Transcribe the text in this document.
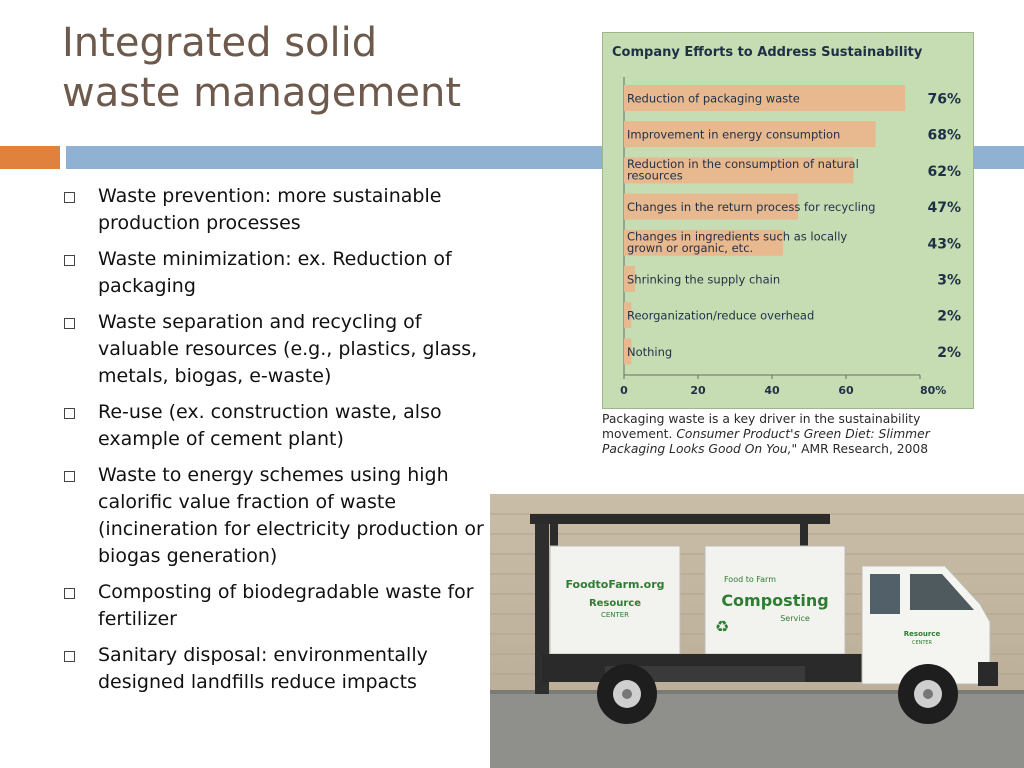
Integrated solid
waste management
Waste prevention: more sustainable production processes
Waste minimization: ex. Reduction of packaging
Waste separation and recycling of valuable resources (e.g., plastics, glass, metals, biogas, e-waste)
Re-use (ex. construction waste, also example of cement plant)
Waste to energy schemes using high calorific value fraction of waste (incineration for electricity production or biogas generation)
Composting of biodegradable waste for fertilizer
Sanitary disposal: environmentally designed landfills reduce impacts
Company Efforts to Address Sustainability
Reduction of packaging waste	76%
Improvement in energy consumption	68%
Reduction in the consumption of natural
resources	62%
Changes in the return process for recycling	47%
Changes in ingredients such as locally
grown or organic, etc.	43%
Shrinking the supply chain	3%
Reorganization/reduce overhead	2%
Nothing	2%
0	20	40	60	80%
Packaging waste is a key driver in the sustainability movement. Consumer Product's Green Diet: Slimmer Packaging Looks Good On You," AMR Research, 2008
FoodtoFarm.org
Resource
CENTER
Food to Farm
Composting
Service
♻	Resource
CENTER
